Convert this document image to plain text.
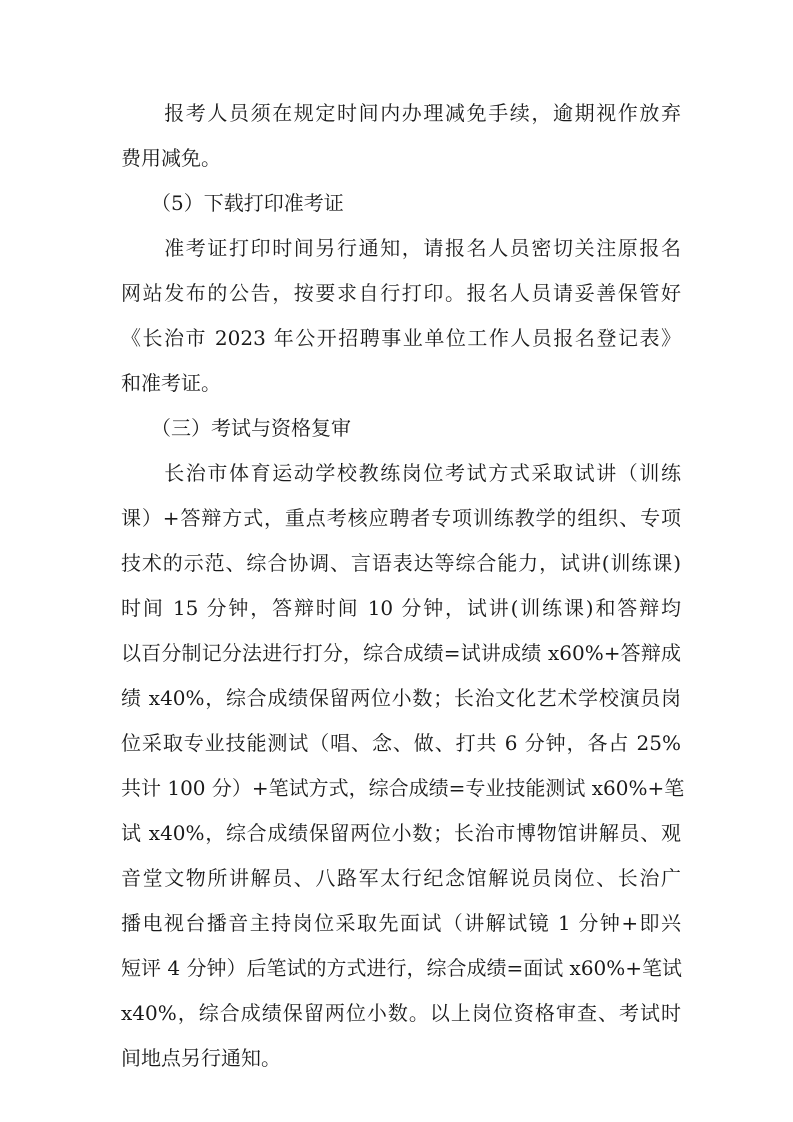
　　报考人员须在规定时间内办理减免手续，逾期视作放弃
费用减免。
　　（5）下载打印准考证
　　准考证打印时间另行通知，请报名人员密切关注原报名
网站发布的公告，按要求自行打印。报名人员请妥善保管好
《长治市 2023 年公开招聘事业单位工作人员报名登记表》
和准考证。
　　（三）考试与资格复审
　　长治市体育运动学校教练岗位考试方式采取试讲（训练
课）+答辩方式，重点考核应聘者专项训练教学的组织、专项
技术的示范、综合协调、言语表达等综合能力，试讲(训练课)
时间 15 分钟，答辩时间 10 分钟，试讲(训练课)和答辩均
以百分制记分法进行打分，综合成绩=试讲成绩 x60%+答辩成
绩 x40%，综合成绩保留两位小数；长治文化艺术学校演员岗
位采取专业技能测试（唱、念、做、打共 6 分钟，各占 25%
共计 100 分）+笔试方式，综合成绩=专业技能测试 x60%+笔
试 x40%，综合成绩保留两位小数；长治市博物馆讲解员、观
音堂文物所讲解员、八路军太行纪念馆解说员岗位、长治广
播电视台播音主持岗位采取先面试（讲解试镜 1 分钟+即兴
短评 4 分钟）后笔试的方式进行，综合成绩=面试 x60%+笔试
x40%，综合成绩保留两位小数。以上岗位资格审查、考试时
间地点另行通知。
